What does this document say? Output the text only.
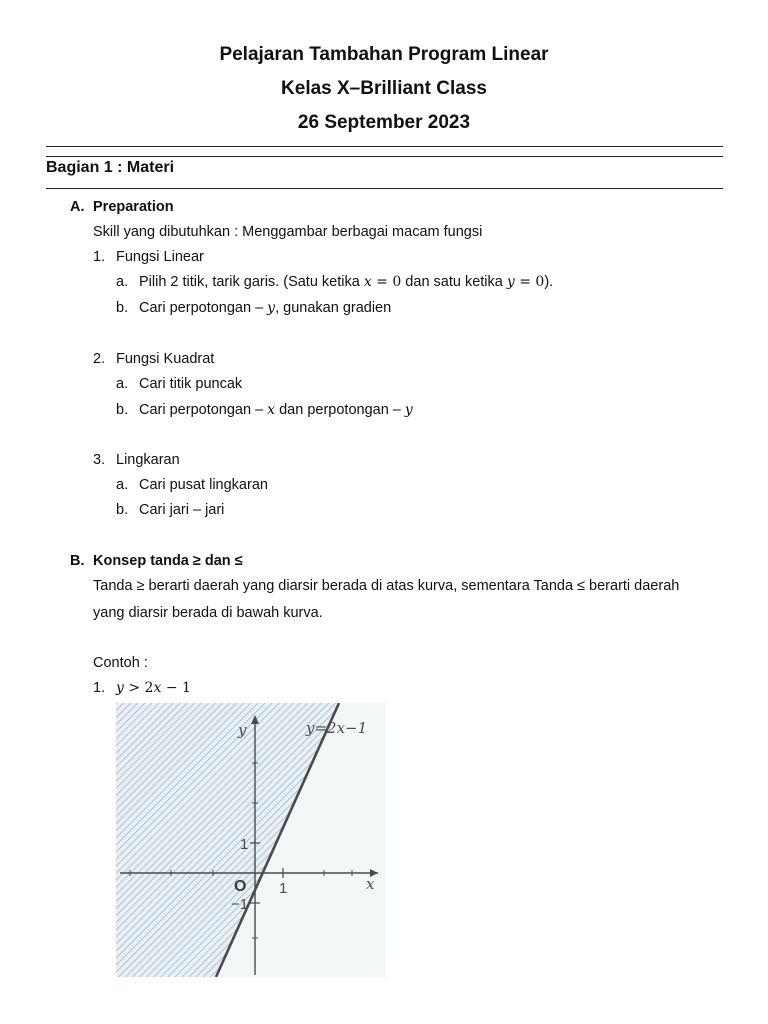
Pelajaran Tambahan Program Linear
Kelas X–Brilliant Class
26 September 2023
Bagian 1 : Materi
A. Preparation
Skill yang dibutuhkan : Menggambar berbagai macam fungsi
1. Fungsi Linear
a. Pilih 2 titik, tarik garis. (Satu ketika x = 0 dan satu ketika y = 0).
b. Cari perpotongan – y, gunakan gradien
2. Fungsi Kuadrat
a. Cari titik puncak
b. Cari perpotongan – x dan perpotongan – y
3. Lingkaran
a. Cari pusat lingkaran
b. Cari jari – jari
B. Konsep tanda ≥ dan ≤
Tanda ≥ berarti daerah yang diarsir berada di atas kurva, sementara Tanda ≤ berarti daerah
yang diarsir berada di bawah kurva.
Contoh :
1. y > 2x − 1
y
x
y=2x−1
O 1
1
−1
